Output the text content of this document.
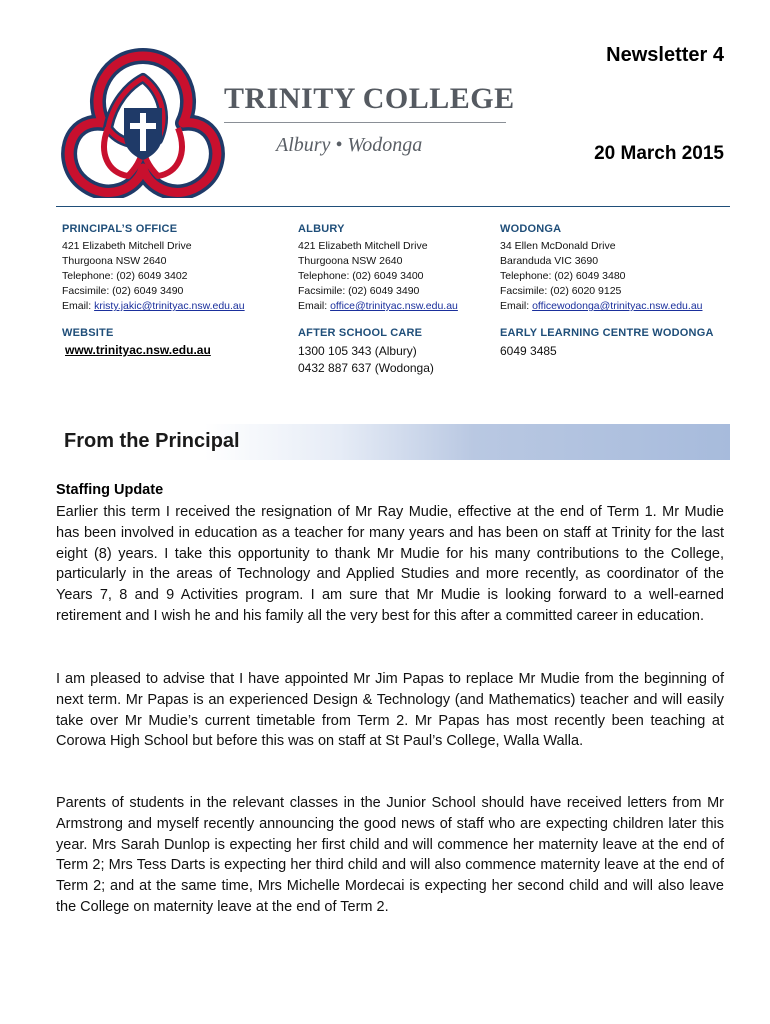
TRINITY COLLEGE
Albury • Wodonga
Newsletter 4
20 March 2015
PRINCIPAL’S OFFICE
421 Elizabeth Mitchell Drive
Thurgoona NSW 2640
Telephone: (02) 6049 3402
Facsimile: (02) 6049 3490
Email: kristy.jakic@trinityac.nsw.edu.au
ALBURY
421 Elizabeth Mitchell Drive
Thurgoona NSW 2640
Telephone: (02) 6049 3400
Facsimile: (02) 6049 3490
Email: office@trinityac.nsw.edu.au
WODONGA
34 Ellen McDonald Drive
Baranduda VIC 3690
Telephone: (02) 6049 3480
Facsimile: (02) 6020 9125
Email: officewodonga@trinityac.nsw.edu.au
WEBSITE
www.trinityac.nsw.edu.au
AFTER SCHOOL CARE
1300 105 343 (Albury)
0432 887 637 (Wodonga)
EARLY LEARNING CENTRE WODONGA
6049 3485
From the Principal
Staffing Update

Earlier this term I received the resignation of Mr Ray Mudie, effective at the end of Term 1. Mr Mudie has been involved in education as a teacher for many years and has been on staff at Trinity for the last eight (8) years. I take this opportunity to thank Mr Mudie for his many contributions to the College, particularly in the areas of Technology and Applied Studies and more recently, as coordinator of the Years 7, 8 and 9 Activities program. I am sure that Mr Mudie is looking forward to a well-earned retirement and I wish he and his family all the very best for this after a committed career in education.

I am pleased to advise that I have appointed Mr Jim Papas to replace Mr Mudie from the beginning of next term. Mr Papas is an experienced Design & Technology (and Mathematics) teacher and will easily take over Mr Mudie’s current timetable from Term 2. Mr Papas has most recently been teaching at Corowa High School but before this was on staff at St Paul’s College, Walla Walla.

Parents of students in the relevant classes in the Junior School should have received letters from Mr Armstrong and myself recently announcing the good news of staff who are expecting children later this year. Mrs Sarah Dunlop is expecting her first child and will commence her maternity leave at the end of Term 2; Mrs Tess Darts is expecting her third child and will also commence maternity leave at the end of Term 2; and at the same time, Mrs Michelle Mordecai is expecting her second child and will also leave the College on maternity leave at the end of Term 2.
